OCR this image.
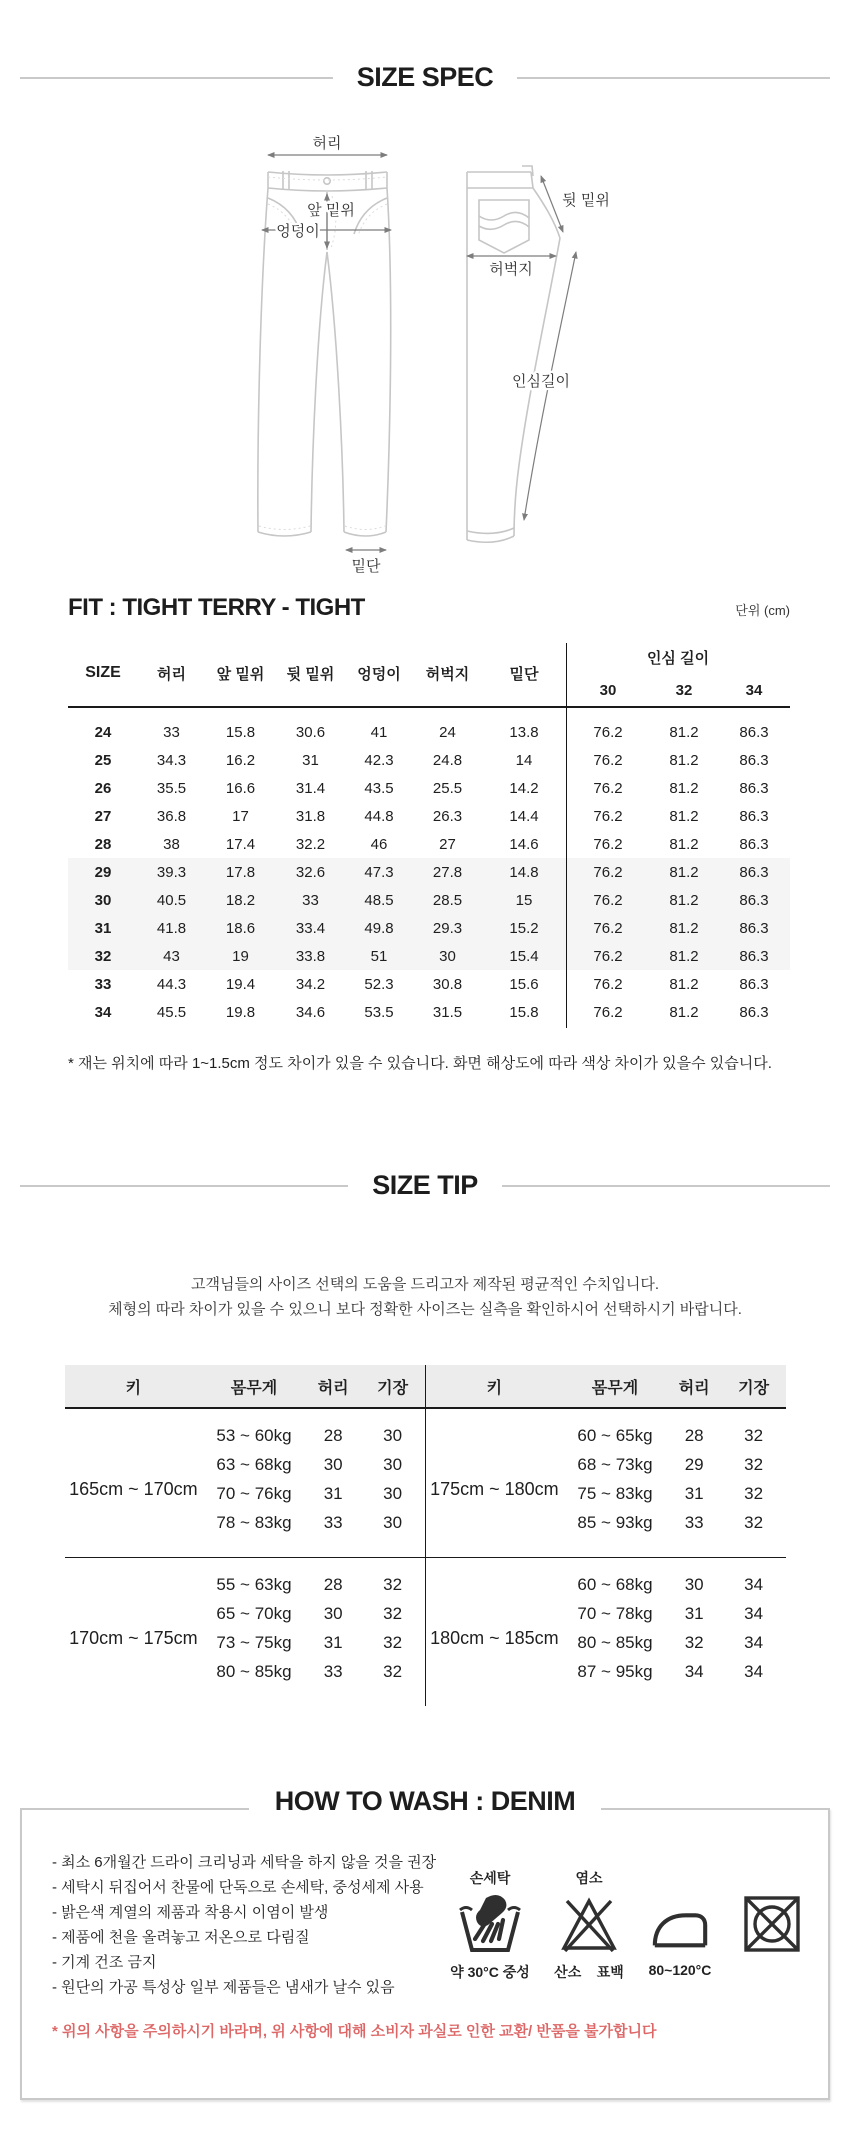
SIZE SPEC
허리
앞 밑위
엉덩이
밑단
뒷 밑위
허벅지
인심길이
FIT : TIGHT TERRY - TIGHT	단위 (cm)
SIZE	허리	앞 밑위	뒷 밑위	엉덩이	허벅지	밑단	인심 길이		
							30	32	34
24	33	15.8	30.6	41	24	13.8	76.2	81.2	86.3
25	34.3	16.2	31	42.3	24.8	14	76.2	81.2	86.3
26	35.5	16.6	31.4	43.5	25.5	14.2	76.2	81.2	86.3
27	36.8	17	31.8	44.8	26.3	14.4	76.2	81.2	86.3
28	38	17.4	32.2	46	27	14.6	76.2	81.2	86.3
29	39.3	17.8	32.6	47.3	27.8	14.8	76.2	81.2	86.3
30	40.5	18.2	33	48.5	28.5	15	76.2	81.2	86.3
31	41.8	18.6	33.4	49.8	29.3	15.2	76.2	81.2	86.3
32	43	19	33.8	51	30	15.4	76.2	81.2	86.3
33	44.3	19.4	34.2	52.3	30.8	15.6	76.2	81.2	86.3
34	45.5	19.8	34.6	53.5	31.5	15.8	76.2	81.2	86.3
* 재는 위치에 따라 1~1.5cm 정도 차이가 있을 수 있습니다. 화면 해상도에 따라 색상 차이가 있을수 있습니다.
SIZE TIP
고객님들의 사이즈 선택의 도움을 드리고자 제작된 평균적인 수치입니다.
체형의 따라 차이가 있을 수 있으니 보다 정확한 사이즈는 실측을 확인하시어 선택하시기 바랍니다.
키	몸무게	허리	기장
165cm ~ 170cm	53 ~ 60kg	28	30
	63 ~ 68kg	30	30
	70 ~ 76kg	31	30
	78 ~ 83kg	33	30
170cm ~ 175cm	55 ~ 63kg	28	32
	65 ~ 70kg	30	32
	73 ~ 75kg	31	32
	80 ~ 85kg	33	32
키	몸무게	허리	기장
175cm ~ 180cm	60 ~ 65kg	28	32
	68 ~ 73kg	29	32
	75 ~ 83kg	31	32
	85 ~ 93kg	33	32
180cm ~ 185cm	60 ~ 68kg	30	34
	70 ~ 78kg	31	34
	80 ~ 85kg	32	34
	87 ~ 95kg	34	34
HOW TO WASH : DENIM
- 최소 6개월간 드라이 크리닝과 세탁을 하지 않을 것을 권장
- 세탁시 뒤집어서 찬물에 단독으로 손세탁, 중성세제 사용
- 밝은색 계열의 제품과 착용시 이염이 발생
- 제품에 천을 올려놓고 저온으로 다림질
- 기계 건조 금지
- 원단의 가공 특성상 일부 제품들은 냄새가 날수 있음
손세탁
약 30°C 중성
염소
산소    표백	80~120°C
* 위의 사항을 주의하시기 바라며, 위 사항에 대해 소비자 과실로 인한 교환/ 반품을 불가합니다
